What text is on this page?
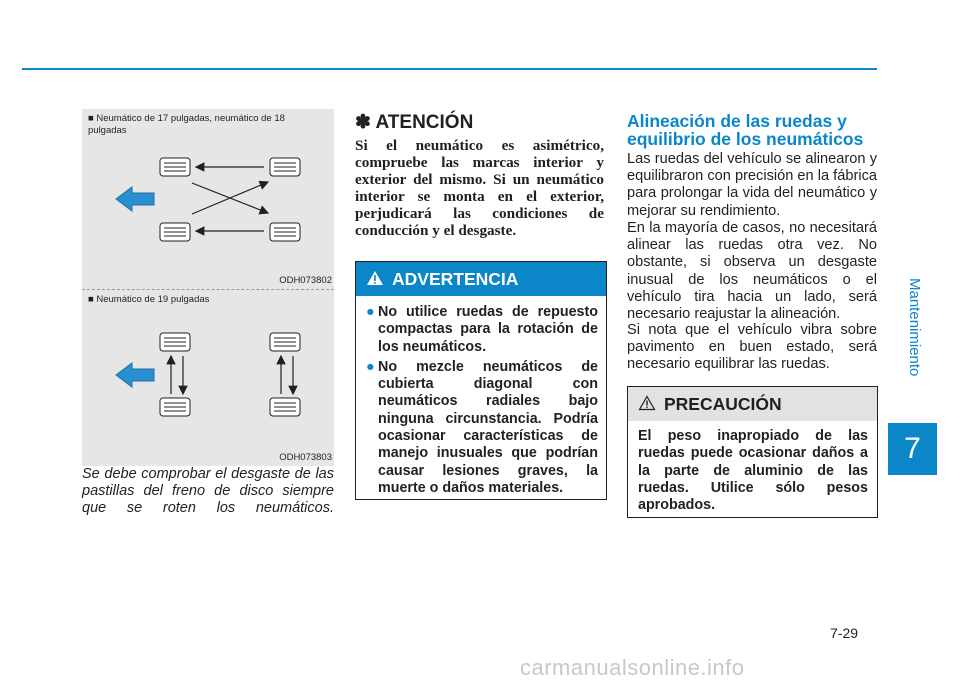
■ Neumático de 17 pulgadas, neumático de 18 pulgadas
ODH073802
■ Neumático de 19 pulgadas
ODH073803
Se debe comprobar el desgaste de las pastillas del freno de disco siempre que se roten los neumáticos.
✽ ATENCIÓN
Si el neumático es asimétrico, compruebe las marcas interior y exterior del mismo. Si un neumático interior se monta en el exterior, perjudicará las condiciones de conducción y el desgaste.
ADVERTENCIA
● No utilice ruedas de repuesto compactas para la rotación de los neumáticos.
● No mezcle neumáticos de cubierta diagonal con neumáticos radiales bajo ninguna circunstancia. Podría ocasionar características de manejo inusuales que podrían causar lesiones graves, la muerte o daños materiales.
Alineación de las ruedas y equilibrio de los neumáticos
Las ruedas del vehículo se alinearon y equilibraron con precisión en la fábrica para prolongar la vida del neumático y mejorar su rendimiento.
En la mayoría de casos, no necesitará alinear las ruedas otra vez. No obstante, si observa un desgaste inusual de los neumáticos o el vehículo tira hacia un lado, será necesario reajustar la alineación.
Si nota que el vehículo vibra sobre pavimento en buen estado, será necesario equilibrar las ruedas.
PRECAUCIÓN
El peso inapropiado de las ruedas puede ocasionar daños a la parte de aluminio de las ruedas. Utilice sólo pesos aprobados.
Mantenimiento
7
7-29
carmanualsonline.info
